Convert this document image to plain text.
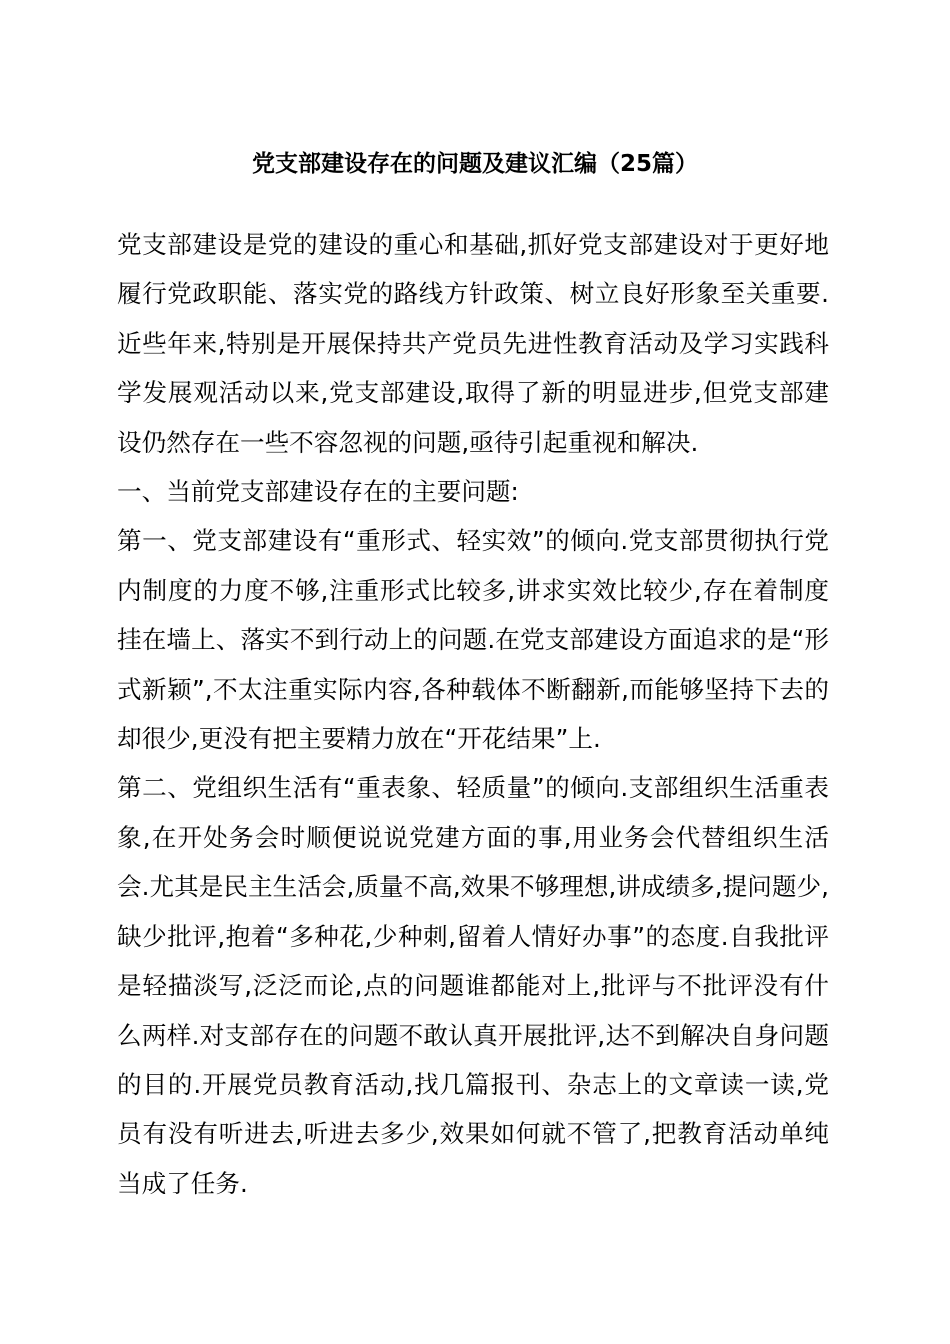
党支部建设存在的问题及建议汇编（25篇）

党支部建设是党的建设的重心和基础,抓好党支部建设对于更好地履行党政职能、落实党的路线方针政策、树立良好形象至关重要.近些年来,特别是开展保持共产党员先进性教育活动及学习实践科学发展观活动以来,党支部建设,取得了新的明显进步,但党支部建设仍然存在一些不容忽视的问题,亟待引起重视和解决.

一、当前党支部建设存在的主要问题:

第一、党支部建设有“重形式、轻实效”的倾向.党支部贯彻执行党内制度的力度不够,注重形式比较多,讲求实效比较少,存在着制度挂在墙上、落实不到行动上的问题.在党支部建设方面追求的是“形式新颖”,不太注重实际内容,各种载体不断翻新,而能够坚持下去的却很少,更没有把主要精力放在“开花结果”上.

第二、党组织生活有“重表象、轻质量”的倾向.支部组织生活重表象,在开处务会时顺便说说党建方面的事,用业务会代替组织生活会.尤其是民主生活会,质量不高,效果不够理想,讲成绩多,提问题少,缺少批评,抱着“多种花,少种刺,留着人情好办事”的态度.自我批评是轻描淡写,泛泛而论,点的问题谁都能对上,批评与不批评没有什么两样.对支部存在的问题不敢认真开展批评,达不到解决自身问题的目的.开展党员教育活动,找几篇报刊、杂志上的文章读一读,党员有没有听进去,听进去多少,效果如何就不管了,把教育活动单纯当成了任务.
